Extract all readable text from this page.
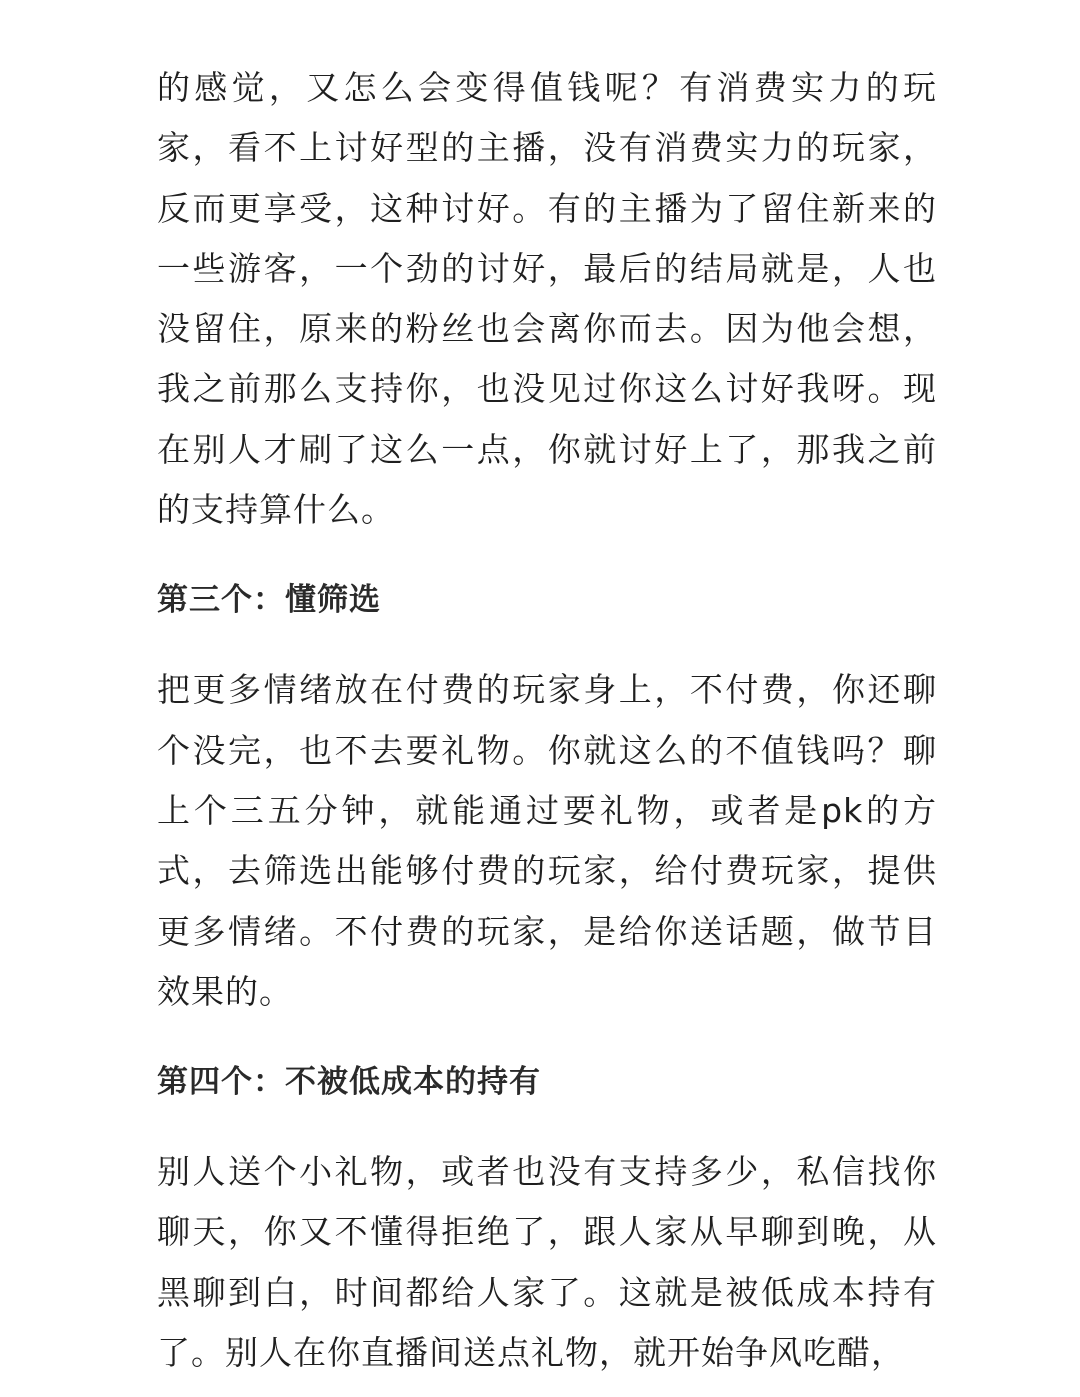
的感觉，又怎么会变得值钱呢？有消费实力的玩家，看不上讨好型的主播，没有消费实力的玩家，反而更享受，这种讨好。有的主播为了留住新来的一些游客，一个劲的讨好，最后的结局就是，人也没留住，原来的粉丝也会离你而去。因为他会想，我之前那么支持你，也没见过你这么讨好我呀。现在别人才刷了这么一点，你就讨好上了，那我之前的支持算什么。

第三个：懂筛选

把更多情绪放在付费的玩家身上，不付费，你还聊个没完，也不去要礼物。你就这么的不值钱吗？聊上个三五分钟，就能通过要礼物，或者是pk的方式，去筛选出能够付费的玩家，给付费玩家，提供更多情绪。不付费的玩家，是给你送话题，做节目效果的。

第四个：不被低成本的持有

别人送个小礼物，或者也没有支持多少，私信找你聊天，你又不懂得拒绝了，跟人家从早聊到晚，从黑聊到白，时间都给人家了。这就是被低成本持有了。别人在你直播间送点礼物，就开始争风吃醋，
